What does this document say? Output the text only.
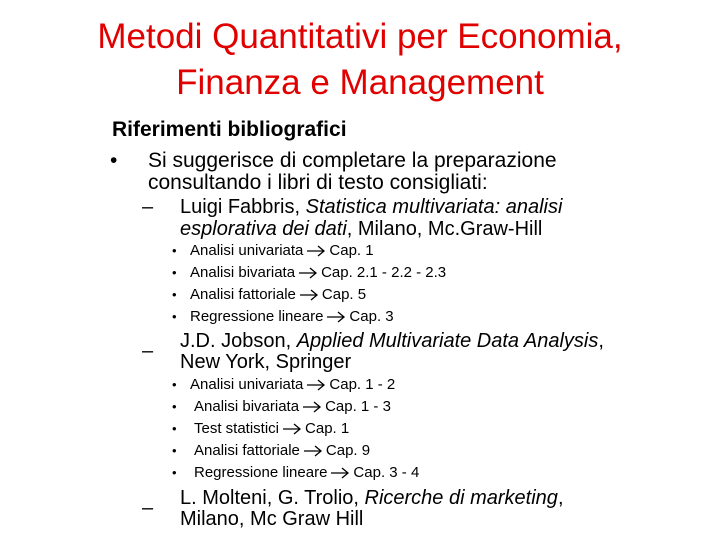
Metodi Quantitativi per Economia,
Finanza e Management
Riferimenti bibliografici
• Si suggerisce di completare la preparazione
consultando i libri di testo consigliati:
– Luigi Fabbris, Statistica multivariata: analisi
esplorativa dei dati, Milano, Mc.Graw-Hill
• Analisi univariata Cap. 1
• Analisi bivariata Cap. 2.1 - 2.2 - 2.3
• Analisi fattoriale Cap. 5
• Regressione lineare Cap. 3
– J.D. Jobson, Applied Multivariate Data Analysis,
New York, Springer
• Analisi univariata Cap. 1 - 2
• Analisi bivariata Cap. 1 - 3
• Test statistici Cap. 1
• Analisi fattoriale Cap. 9
• Regressione lineare Cap. 3 - 4
– L. Molteni, G. Trolio, Ricerche di marketing,
Milano, Mc Graw Hill
